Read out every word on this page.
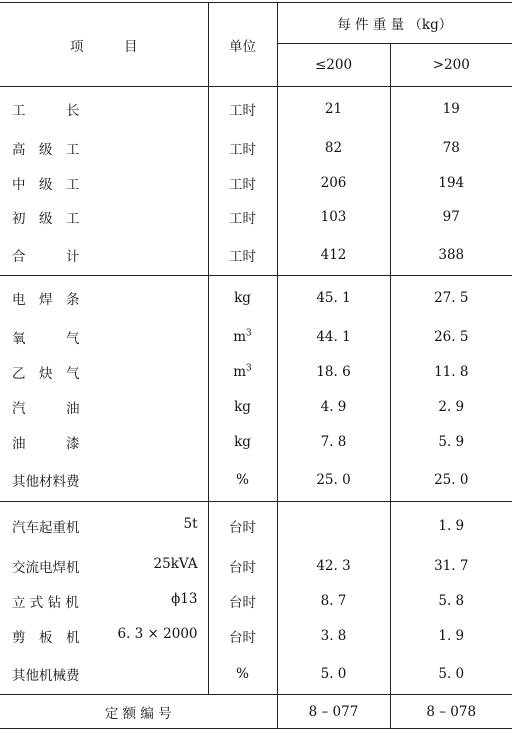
项　　　目	单位	每 件 重 量 （kg）	
		≤200	>200
工　　　长	工时	21	19
高　级　工	工时	82	78
中　级　工	工时	206	194
初　级　工	工时	103	97
合　　　计	工时	412	388
电　焊　条	kg	45. 1	27. 5
氧　　　气	$m^3$	44. 1	26. 5
乙　炔　气	$m^3$	18. 6	11. 8
汽　　　油	kg	4. 9	2. 9
油　　　漆	kg	7. 8	5. 9
其他材料费	%	25. 0	25. 0
汽车起重机 5t	台时		1. 9
交流电焊机 25kVA	台时	42. 3	31. 7
立 式 钻 机 ϕ13	台时	8. 7	5. 8
剪　板　机 6. 3 × 2000	台时	3. 8	1. 9
其他机械费	%	5. 0	5. 0
定 额 编 号		8 – 077	8 – 078
